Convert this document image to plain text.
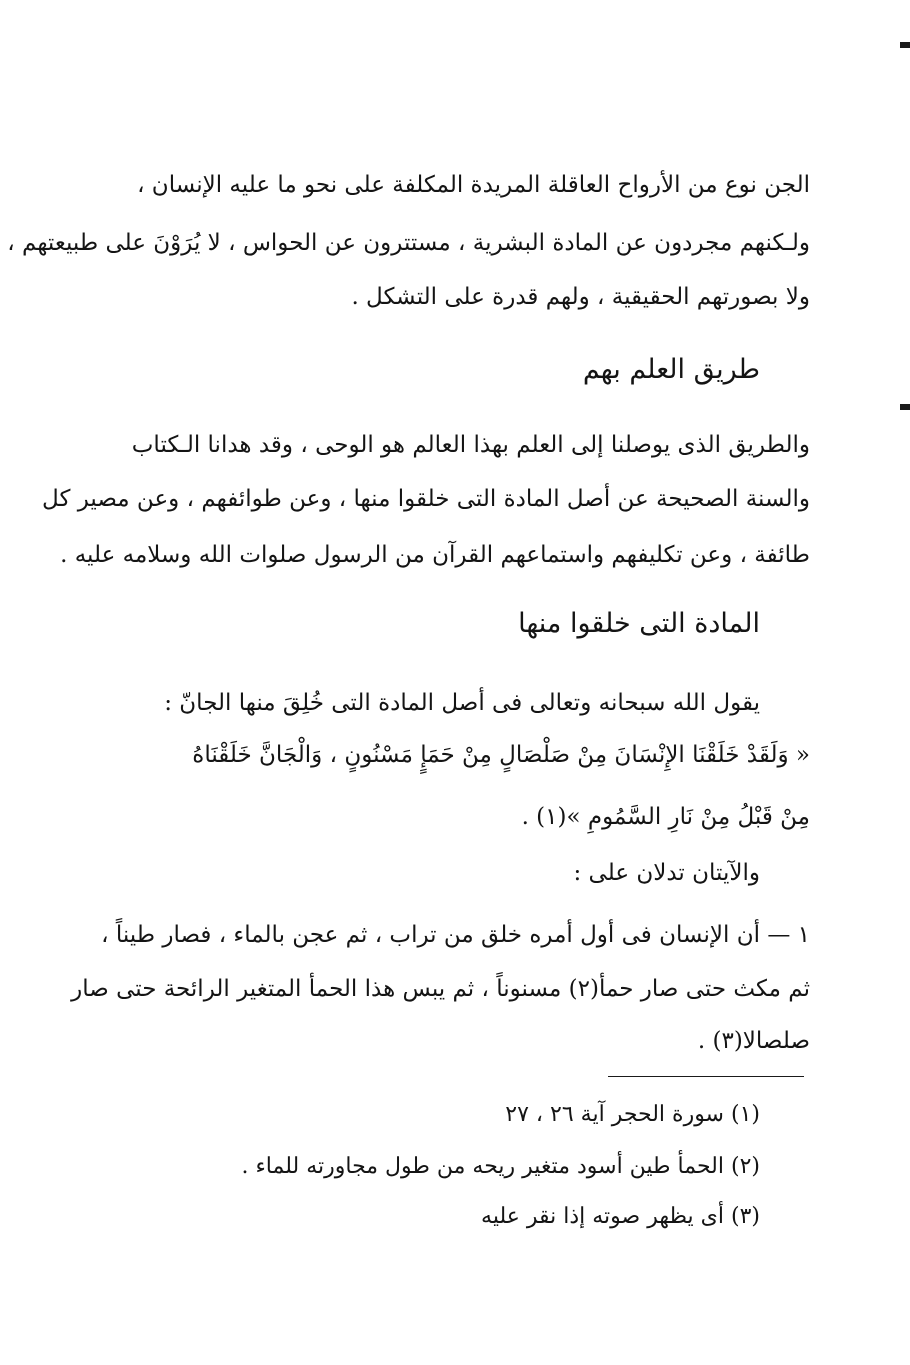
الجن نوع من الأرواح العاقلة المريدة المكلفة على نحو ما عليه الإنسان ،
ولـكنهم مجردون عن المادة البشرية ، مستترون عن الحواس ، لا يُرَوْنَ على طبيعتهم ،
ولا بصورتهم الحقيقية ، ولهم قدرة على التشكل .
طريق العلم بهم
والطريق الذى يوصلنا إلى العلم بهذا العالم هو الوحى ، وقد هدانا الـكتاب
والسنة الصحيحة عن أصل المادة التى خلقوا منها ، وعن طوائفهم ، وعن مصير كل
طائفة ، وعن تكليفهم واستماعهم القرآن من الرسول صلوات الله وسلامه عليه .
المادة التى خلقوا منها
يقول الله سبحانه وتعالى فى أصل المادة التى خُلِقَ منها الجانّ :
« وَلَقَدْ خَلَقْنَا الإِنْسَانَ مِنْ صَلْصَالٍ مِنْ حَمَإٍ مَسْنُونٍ ، وَالْجَانَّ خَلَقْنَاهُ
مِنْ قَبْلُ مِنْ نَارِ السَّمُومِ »(١) .
والآيتان تدلان على :
١ — أن الإنسان فى أول أمره خلق من تراب ، ثم عجن بالماء ، فصار طيناً ،
ثم مكث حتى صار حمأ(٢) مسنوناً ، ثم يبس هذا الحمأ المتغير الرائحة حتى صار
صلصالا(٣) .
(١) سورة الحجر آية ٢٦ ، ٢٧
(٢) الحمأ طين أسود متغير ريحه من طول مجاورته للماء .
(٣) أى يظهر صوته إذا نقر عليه
